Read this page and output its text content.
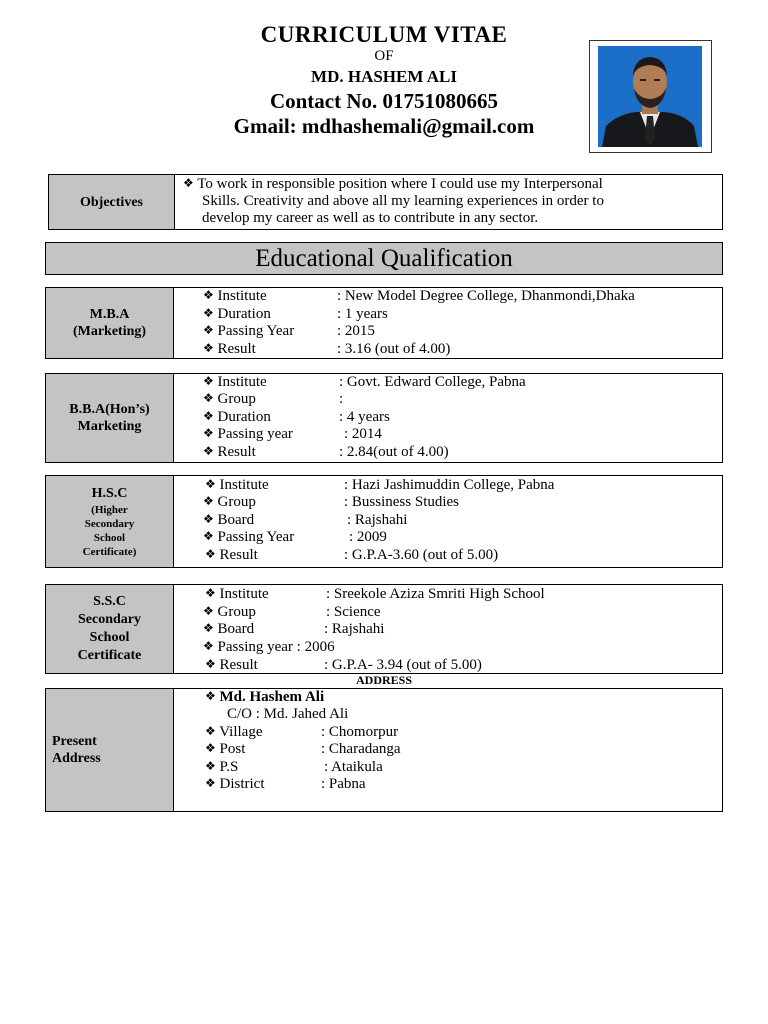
CURRICULUM VITAE
OF
MD. HASHEM ALI
Contact No. 01751080665
Gmail: mdhashemali@gmail.com
Objectives
❖ To work in responsible position where I could use my Interpersonal
Skills. Creativity and above all my learning experiences in order to
develop my career as well as to contribute in any sector.
Educational Qualification
M.B.A
(Marketing)
❖ Institute	: New Model Degree College, Dhanmondi,Dhaka
❖ Duration	: 1 years
❖ Passing Year	: 2015
❖ Result	: 3.16 (out of 4.00)
B.B.A(Hon’s)
Marketing
❖ Institute	: Govt. Edward College, Pabna
❖ Group	:
❖ Duration	: 4 years
❖ Passing year	: 2014
❖ Result	: 2.84(out of 4.00)
H.S.C
(Higher
Secondary
School
Certificate)
❖ Institute	: Hazi Jashimuddin College, Pabna
❖ Group	: Bussiness Studies
❖ Board	: Rajshahi
❖ Passing Year	: 2009
❖ Result	: G.P.A-3.60 (out of 5.00)
S.S.C
Secondary
School
Certificate
❖ Institute	: Sreekole Aziza Smriti High School
❖ Group	: Science
❖ Board	: Rajshahi
❖ Passing year : 2006
❖ Result	: G.P.A- 3.94 (out of 5.00)
ADDRESS
Present
Address
❖ Md. Hashem Ali
C/O : Md. Jahed Ali
❖ Village	: Chomorpur
❖ Post	: Charadanga
❖ P.S	: Ataikula
❖ District	: Pabna
